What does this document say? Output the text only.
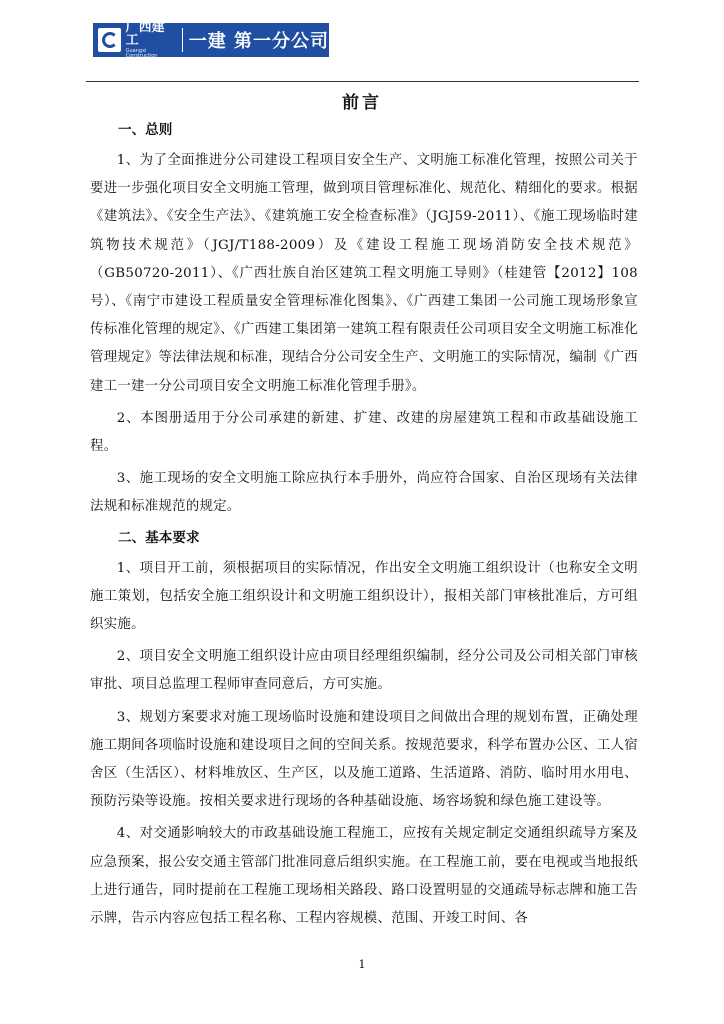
广西建工
Guangxi Construction
一建 第一分公司
前言
一、总则

1、为了全面推进分公司建设工程项目安全生产、文明施工标准化管理，按照公司关于要进一步强化项目安全文明施工管理，做到项目管理标准化、规范化、精细化的要求。根据《建筑法》、《安全生产法》、《建筑施工安全检查标准》（JGJ59-2011）、《施工现场临时建筑物技术规范》（JGJ/T188-2009）及《建设工程施工现场消防安全技术规范》（GB50720-2011）、《广西壮族自治区建筑工程文明施工导则》（桂建管【2012】108号）、《南宁市建设工程质量安全管理标准化图集》、《广西建工集团一公司施工现场形象宣传标准化管理的规定》、《广西建工集团第一建筑工程有限责任公司项目安全文明施工标准化管理规定》等法律法规和标准，现结合分公司安全生产、文明施工的实际情况，编制《广西建工一建一分公司项目安全文明施工标准化管理手册》。

2、本图册适用于分公司承建的新建、扩建、改建的房屋建筑工程和市政基础设施工程。

3、施工现场的安全文明施工除应执行本手册外，尚应符合国家、自治区现场有关法律法规和标准规范的规定。

二、基本要求

1、项目开工前，须根据项目的实际情况，作出安全文明施工组织设计（也称安全文明施工策划，包括安全施工组织设计和文明施工组织设计），报相关部门审核批准后，方可组织实施。

2、项目安全文明施工组织设计应由项目经理组织编制，经分公司及公司相关部门审核审批、项目总监理工程师审查同意后，方可实施。

3、规划方案要求对施工现场临时设施和建设项目之间做出合理的规划布置，正确处理施工期间各项临时设施和建设项目之间的空间关系。按规范要求，科学布置办公区、工人宿舍区（生活区）、材料堆放区、生产区，以及施工道路、生活道路、消防、临时用水用电、预防污染等设施。按相关要求进行现场的各种基础设施、场容场貌和绿色施工建设等。

4、对交通影响较大的市政基础设施工程施工，应按有关规定制定交通组织疏导方案及应急预案，报公安交通主管部门批准同意后组织实施。在工程施工前，要在电视或当地报纸上进行通告，同时提前在工程施工现场相关路段、路口设置明显的交通疏导标志牌和施工告示牌，告示内容应包括工程名称、工程内容规模、范围、开竣工时间、各

1
